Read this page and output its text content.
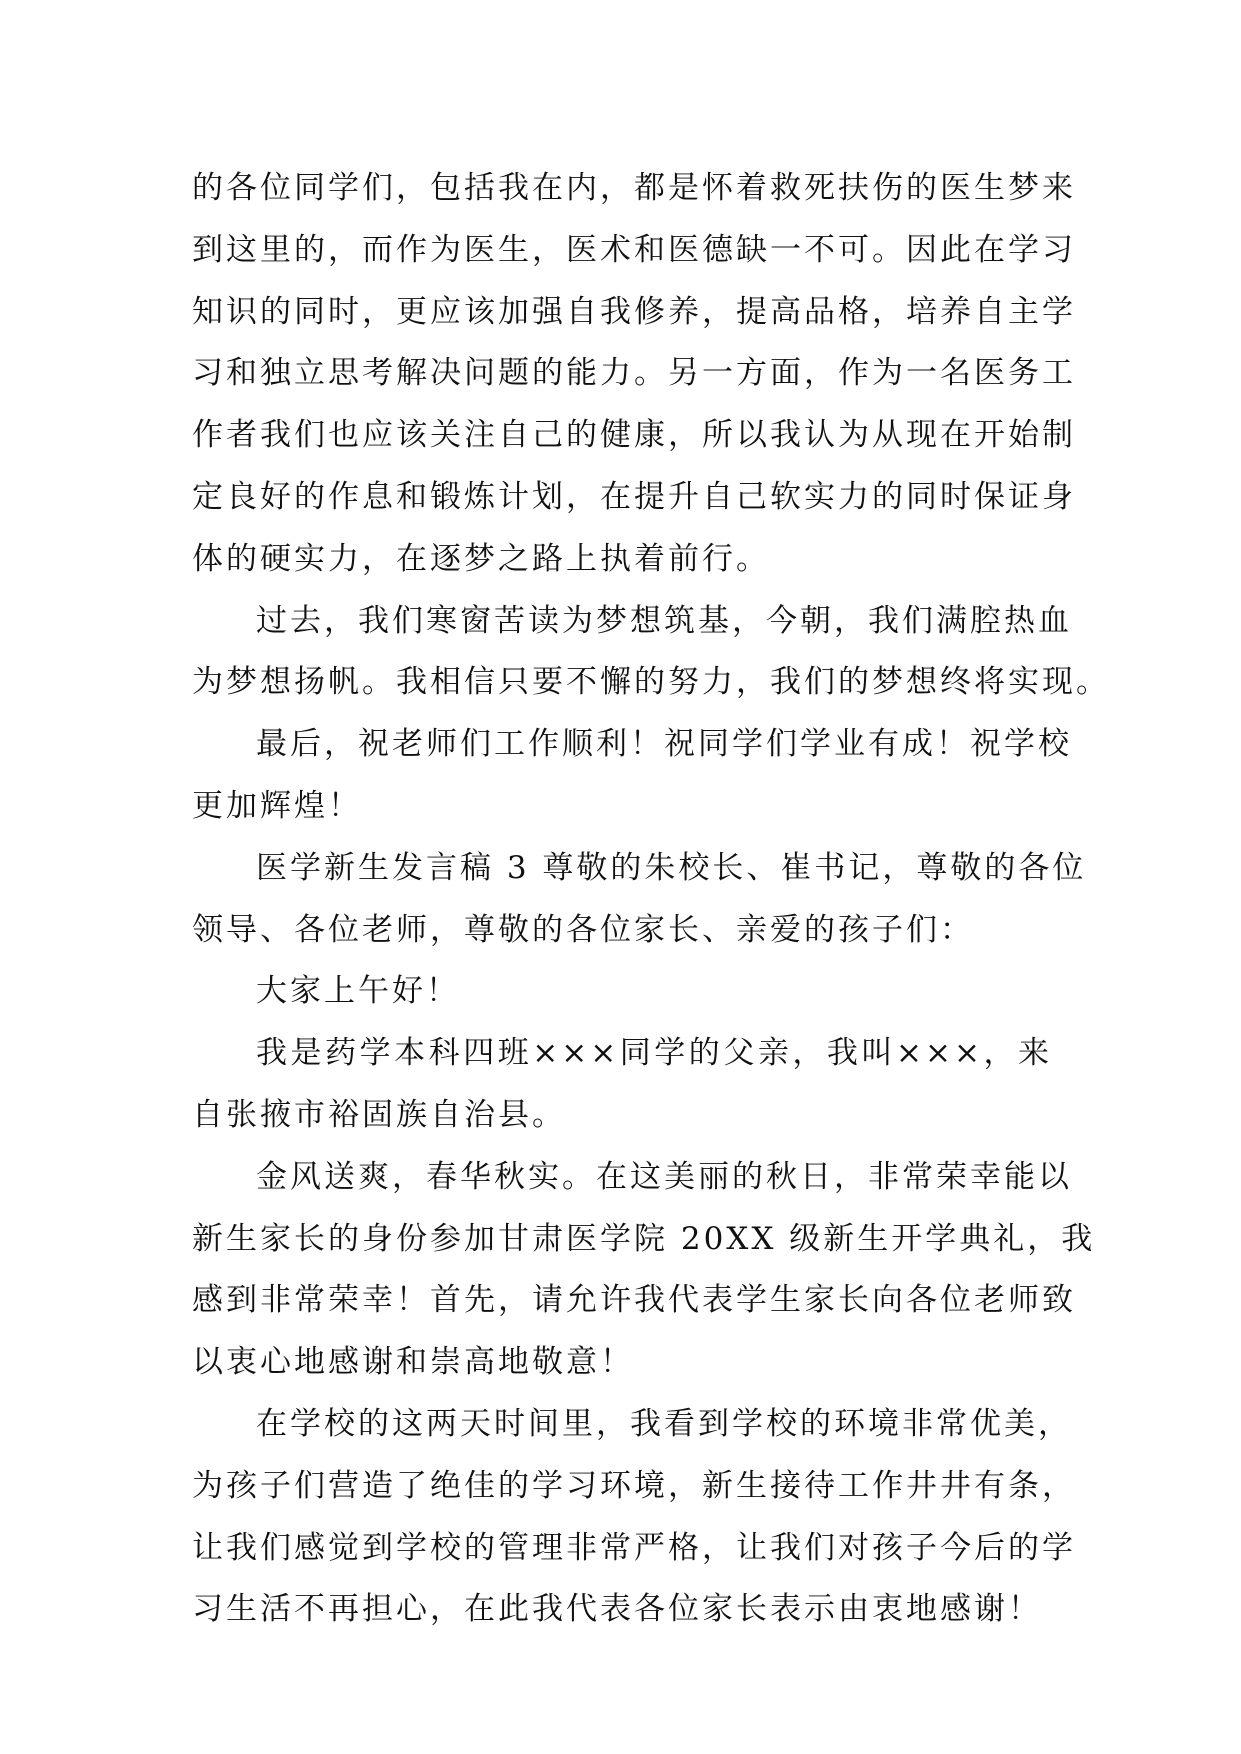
的各位同学们，包括我在内，都是怀着救死扶伤的医生梦来
到这里的，而作为医生，医术和医德缺一不可。因此在学习
知识的同时，更应该加强自我修养，提高品格，培养自主学
习和独立思考解决问题的能力。另一方面，作为一名医务工
作者我们也应该关注自己的健康，所以我认为从现在开始制
定良好的作息和锻炼计划，在提升自己软实力的同时保证身
体的硬实力，在逐梦之路上执着前行。

过去，我们寒窗苦读为梦想筑基，今朝，我们满腔热血
为梦想扬帆。我相信只要不懈的努力，我们的梦想终将实现。

最后，祝老师们工作顺利！祝同学们学业有成！祝学校
更加辉煌！

医学新生发言稿 3 尊敬的朱校长、崔书记，尊敬的各位
领导、各位老师，尊敬的各位家长、亲爱的孩子们：

大家上午好！

我是药学本科四班×××同学的父亲，我叫×××，来
自张掖市裕固族自治县。

金风送爽，春华秋实。在这美丽的秋日，非常荣幸能以
新生家长的身份参加甘肃医学院 20XX 级新生开学典礼，我
感到非常荣幸！首先，请允许我代表学生家长向各位老师致
以衷心地感谢和崇高地敬意！

在学校的这两天时间里，我看到学校的环境非常优美，
为孩子们营造了绝佳的学习环境，新生接待工作井井有条，
让我们感觉到学校的管理非常严格，让我们对孩子今后的学
习生活不再担心，在此我代表各位家长表示由衷地感谢！
